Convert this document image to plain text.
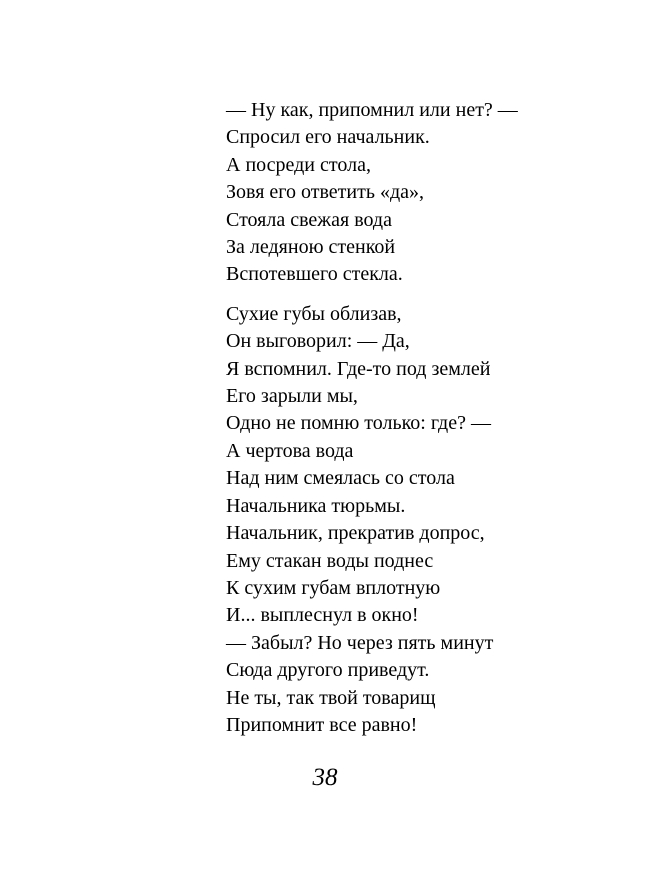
— Ну как, припомнил или нет? —
Спросил его начальник.
А посреди стола,
Зовя его ответить «да»,
Стояла свежая вода
За ледяною стенкой
Вспотевшего стекла.
Сухие губы облизав,
Он выговорил: — Да,
Я вспомнил. Где-то под землей
Его зарыли мы,
Одно не помню только: где? —
А чертова вода
Над ним смеялась со стола
Начальника тюрьмы.
Начальник, прекратив допрос,
Ему стакан воды поднес
К сухим губам вплотную
И... выплеснул в окно!
— Забыл? Но через пять минут
Сюда другого приведут.
Не ты, так твой товарищ
Припомнит все равно!
38
